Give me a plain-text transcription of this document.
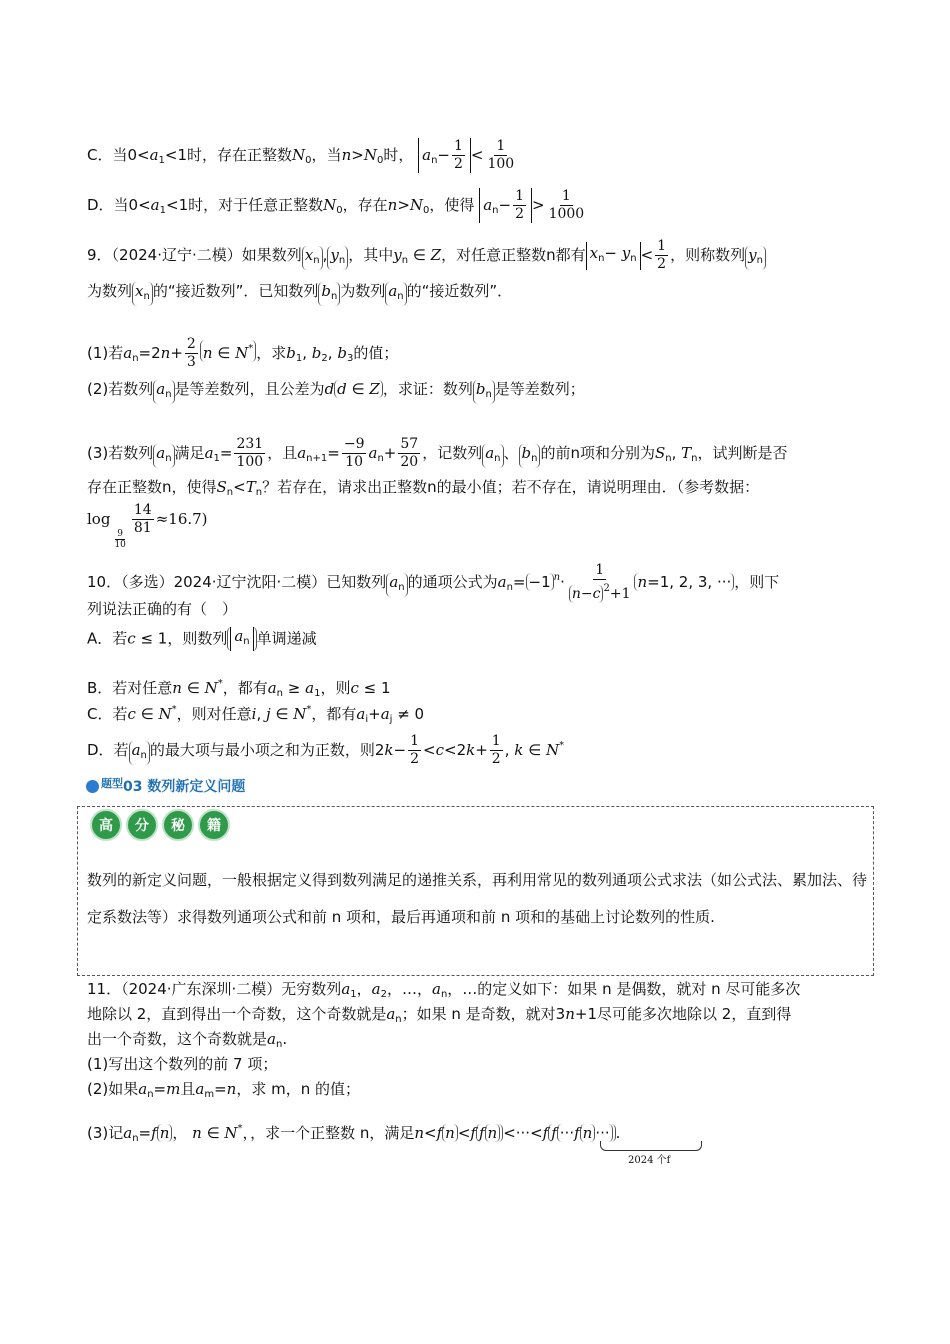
C．当$0<a_1<1$时，存在正整数$N_0$，当$n>N_0$时， $a_n- \frac{1}{2} < \frac{1}{100}$
D．当$0<a_1<1$时，对于任意正整数$N_0$，存在$n>N_0$，使得 $a_n- \frac{1}{2} > \frac{1}{1000}$
9．（2024·辽宁·二模）如果数列 $x_n$ , $y_n$ ，其中$y_n$ ∈ Z，对任意正整数n都有 $x_n- y_n < \frac{1}{2}$ ，则称数列 $y_n$
为数列 $x_n$ 的“接近数列”．已知数列 $b_n$ 为数列 $a_n$ 的“接近数列”．
(1)若$a_n=2n+ \frac{2}{3}$ n ∈ N* ，求$b_1$, $b_2$, $b_3$的值；
(2)若数列 $a_n$ 是等差数列，且公差为d d ∈ Z ，求证：数列 $b_n$ 是等差数列；
(3)若数列 $a_n$ 满足$a_1= \frac{231}{100}$ ，且$a_{n+1}= \frac{-9}{10} a_n+ \frac{57}{20}$ ，记数列 $a_n$ 、 $b_n$ 的前n项和分别为$S_n$, $T_n$，试判断是否
存在正整数n，使得$S_n<T_n$？若存在，请求出正整数n的最小值；若不存在，请说明理由．（参考数据：
log
$\frac{9}{10}$
$\frac{14}{81} \approx 16.7$)
10．（多选）2024·辽宁沈阳·二模）已知数列 $a_n$ 的通项公式为$a_n= -1$ $^n\cdot \frac{1}{n-c ^2+1} n=1$, 2, 3, ··· ，则下
列说法正确的有（　）
A．若c ≤ 1，则数列 $a_n$ 单调递减
B．若对任意n ∈ N*，都有$a_n \ge a_1$，则c ≤ 1
C．若c ∈ N*，则对任意i, j ∈ N*，都有$a_i+a_j \ne 0$
D．若 $a_n$ 的最大项与最小项之和为正数，则$2k- \frac{1}{2} <c<2k+ \frac{1}{2}$ , k ∈ N*
$^{题型}$03 数列新定义问题
高	分	秘	籍
数列的新定义问题，一般根据定义得到数列满足的递推关系，再利用常见的数列通项公式求法（如公式法、累加法、待定系数法等）求得数列通项公式和前 n 项和，最后再通项和前 n 项和的基础上讨论数列的性质.
11．（2024·广东深圳·二模）无穷数列$a_1$，$a_2$，…，$a_n$，…的定义如下：如果 n 是偶数，就对 n 尽可能多次
地除以 2，直到得出一个奇数，这个奇数就是$a_n$；如果 n 是奇数，就对3n+1尽可能多次地除以 2，直到得
出一个奇数，这个奇数就是$a_n$.
(1)写出这个数列的前 7 项；
(2)如果$a_n=m$且$a_m=n$，求 m，n 的值；
(3)记$a_n=f$ n ， n ∈ N*，，求一个正整数 n，满足n<f n <f f n <···<f f ···f n ··· .
2024 个f
